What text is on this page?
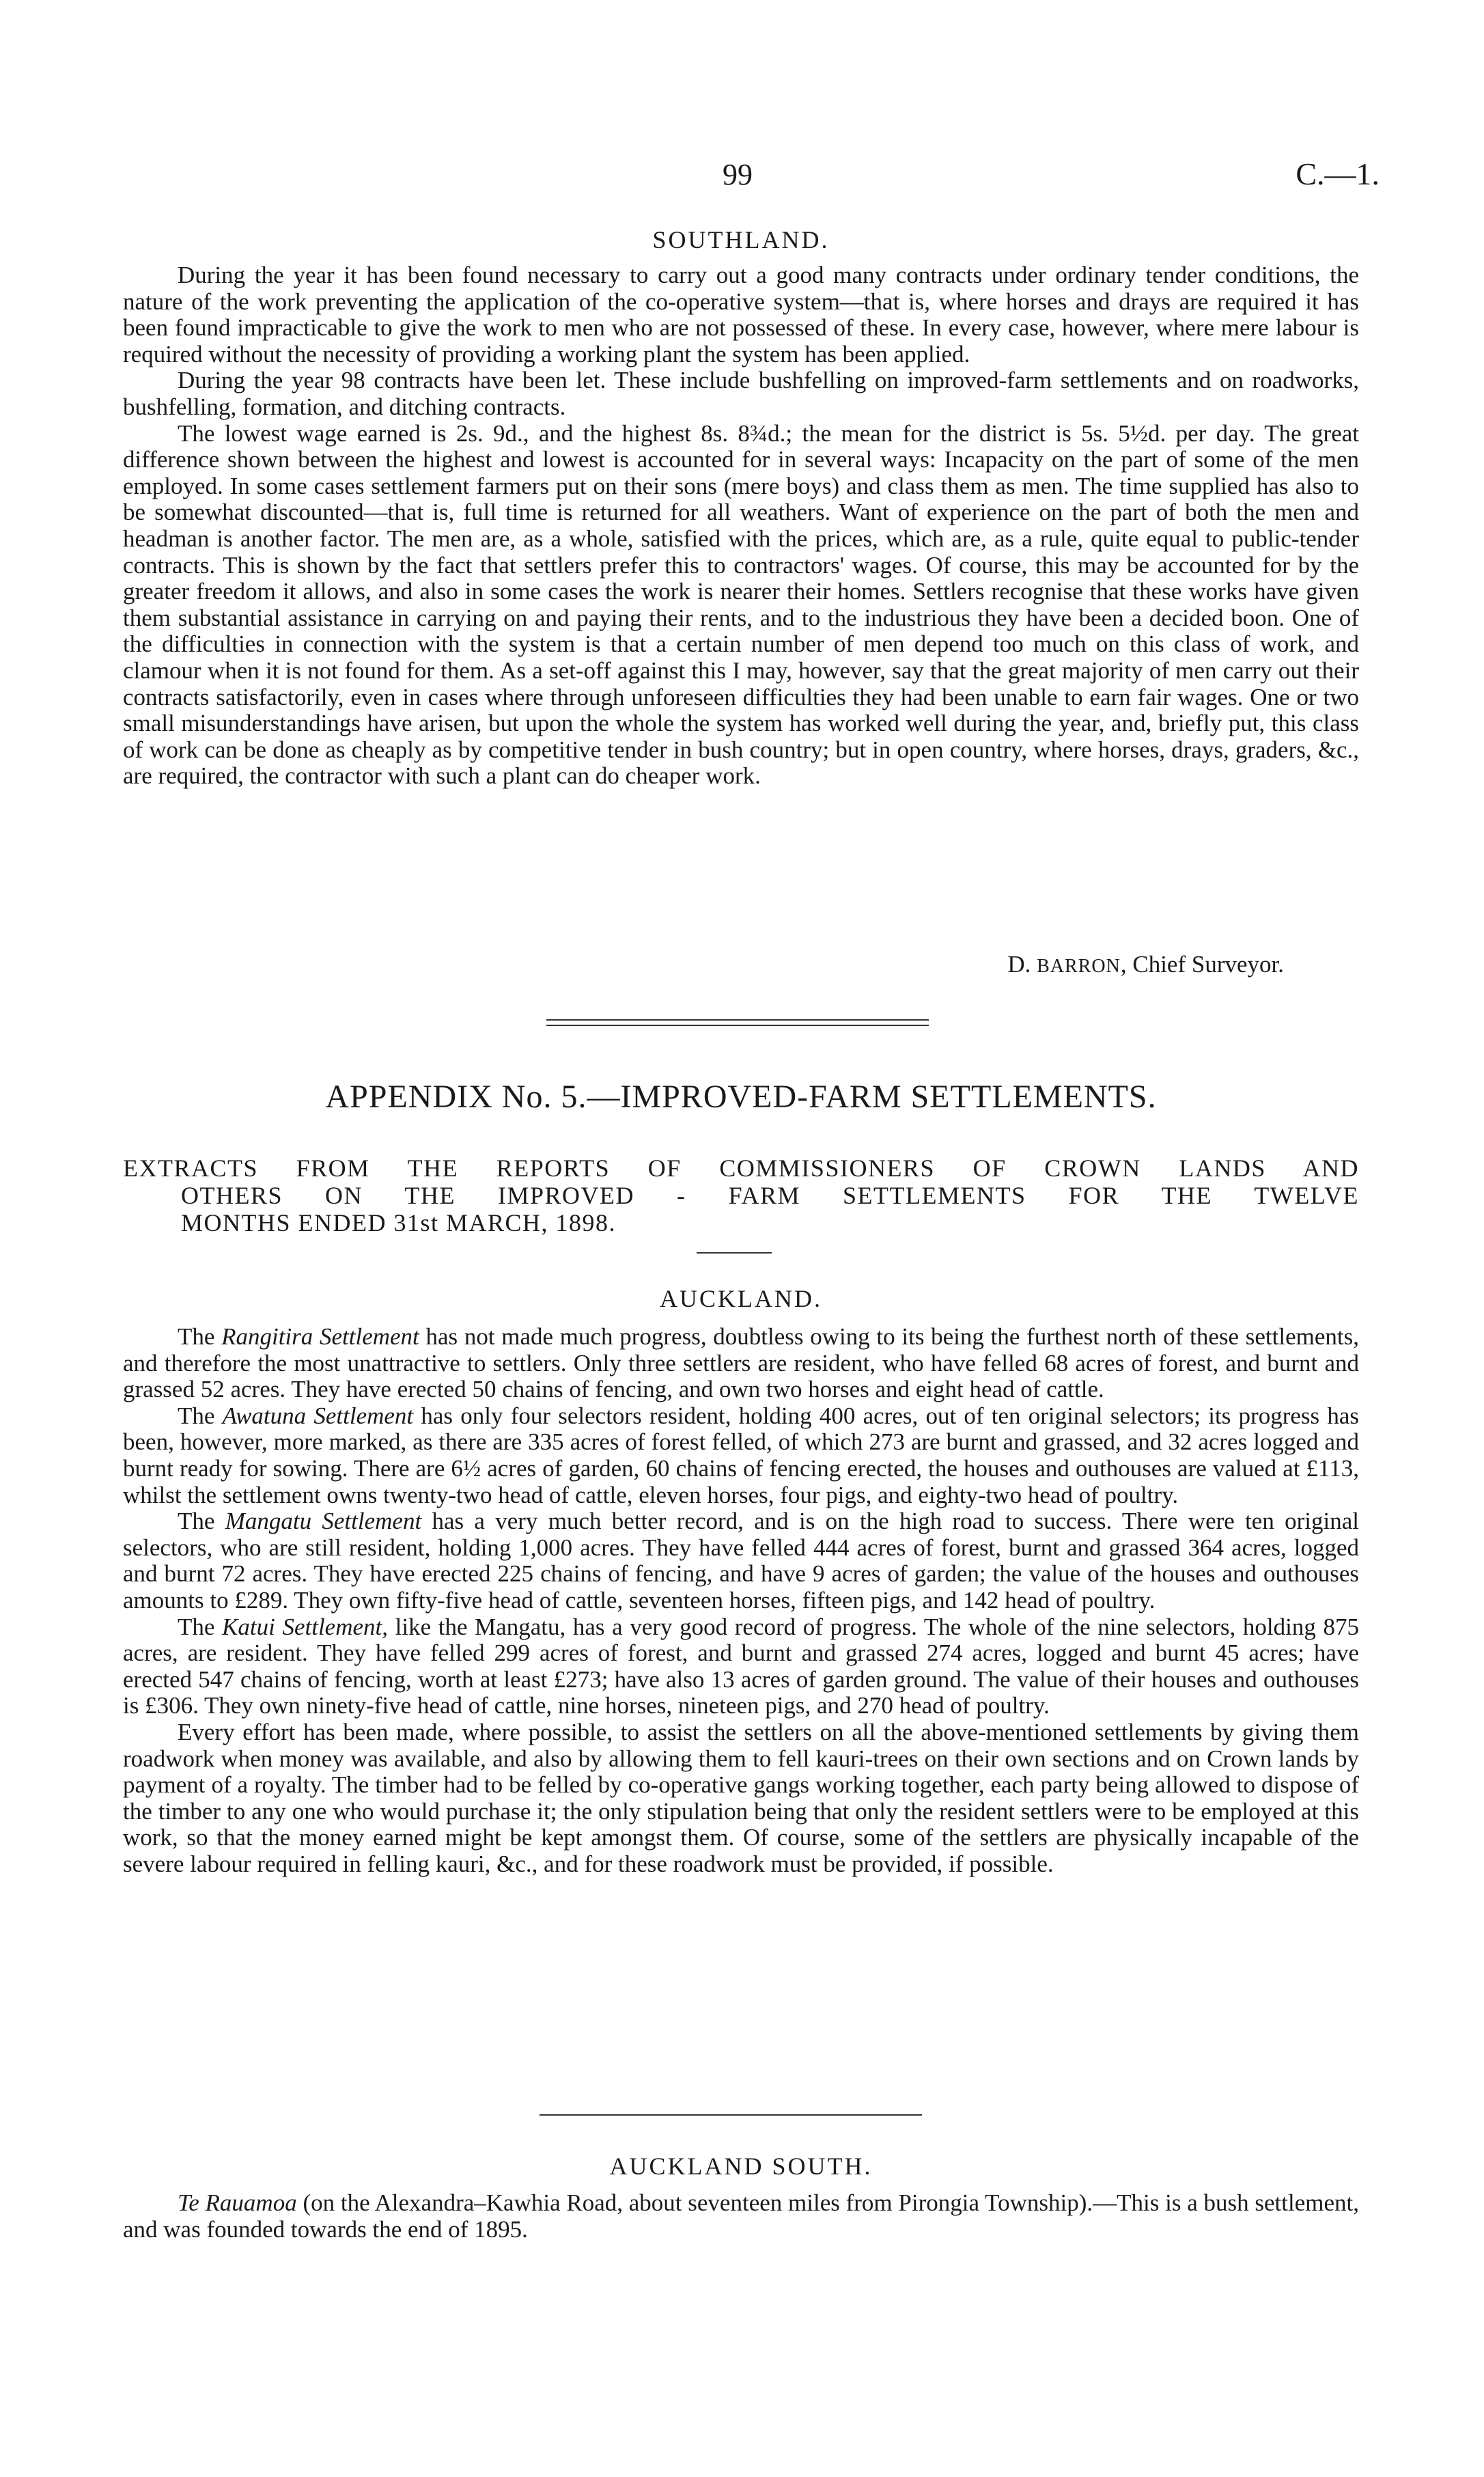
99	C.—1.
SOUTHLAND.

During the year it has been found necessary to carry out a good many contracts under ordinary tender conditions, the nature of the work preventing the application of the co-operative system—that is, where horses and drays are required it has been found impracticable to give the work to men who are not possessed of these. In every case, however, where mere labour is required without the necessity of providing a working plant the system has been applied.

During the year 98 contracts have been let. These include bushfelling on improved-farm settlements and on roadworks, bushfelling, formation, and ditching contracts.

The lowest wage earned is 2s. 9d., and the highest 8s. 8¾d.; the mean for the district is 5s. 5½d. per day. The great difference shown between the highest and lowest is accounted for in several ways: Incapacity on the part of some of the men employed. In some cases settlement farmers put on their sons (mere boys) and class them as men. The time supplied has also to be somewhat discounted—that is, full time is returned for all weathers. Want of experience on the part of both the men and headman is another factor. The men are, as a whole, satisfied with the prices, which are, as a rule, quite equal to public-tender contracts. This is shown by the fact that settlers prefer this to contractors' wages. Of course, this may be accounted for by the greater freedom it allows, and also in some cases the work is nearer their homes. Settlers recognise that these works have given them substantial assistance in carrying on and paying their rents, and to the industrious they have been a decided boon. One of the difficulties in connection with the system is that a certain number of men depend too much on this class of work, and clamour when it is not found for them. As a set-off against this I may, however, say that the great majority of men carry out their contracts satisfactorily, even in cases where through unforeseen difficulties they had been unable to earn fair wages. One or two small misunderstandings have arisen, but upon the whole the system has worked well during the year, and, briefly put, this class of work can be done as cheaply as by competitive tender in bush country; but in open country, where horses, drays, graders, &c., are required, the contractor with such a plant can do cheaper work.

D. BARRON, Chief Surveyor.
APPENDIX No. 5.—IMPROVED-FARM SETTLEMENTS.
EXTRACTS FROM THE REPORTS OF COMMISSIONERS OF CROWN LANDS AND
OTHERS ON THE IMPROVED - FARM SETTLEMENTS FOR THE TWELVE
MONTHS ENDED 31st MARCH, 1898.
AUCKLAND.

The Rangitira Settlement has not made much progress, doubtless owing to its being the furthest north of these settlements, and therefore the most unattractive to settlers. Only three settlers are resident, who have felled 68 acres of forest, and burnt and grassed 52 acres. They have erected 50 chains of fencing, and own two horses and eight head of cattle.

The Awatuna Settlement has only four selectors resident, holding 400 acres, out of ten original selectors; its progress has been, however, more marked, as there are 335 acres of forest felled, of which 273 are burnt and grassed, and 32 acres logged and burnt ready for sowing. There are 6½ acres of garden, 60 chains of fencing erected, the houses and outhouses are valued at £113, whilst the settlement owns twenty-two head of cattle, eleven horses, four pigs, and eighty-two head of poultry.

The Mangatu Settlement has a very much better record, and is on the high road to success. There were ten original selectors, who are still resident, holding 1,000 acres. They have felled 444 acres of forest, burnt and grassed 364 acres, logged and burnt 72 acres. They have erected 225 chains of fencing, and have 9 acres of garden; the value of the houses and outhouses amounts to £289. They own fifty-five head of cattle, seventeen horses, fifteen pigs, and 142 head of poultry.

The Katui Settlement, like the Mangatu, has a very good record of progress. The whole of the nine selectors, holding 875 acres, are resident. They have felled 299 acres of forest, and burnt and grassed 274 acres, logged and burnt 45 acres; have erected 547 chains of fencing, worth at least £273; have also 13 acres of garden ground. The value of their houses and outhouses is £306. They own ninety-five head of cattle, nine horses, nineteen pigs, and 270 head of poultry.

Every effort has been made, where possible, to assist the settlers on all the above-mentioned settlements by giving them roadwork when money was available, and also by allowing them to fell kauri-trees on their own sections and on Crown lands by payment of a royalty. The timber had to be felled by co-operative gangs working together, each party being allowed to dispose of the timber to any one who would purchase it; the only stipulation being that only the resident settlers were to be employed at this work, so that the money earned might be kept amongst them. Of course, some of the settlers are physically incapable of the severe labour required in felling kauri, &c., and for these roadwork must be provided, if possible.

AUCKLAND SOUTH.

Te Rauamoa (on the Alexandra–Kawhia Road, about seventeen miles from Pirongia Township).—This is a bush settlement, and was founded towards the end of 1895.
